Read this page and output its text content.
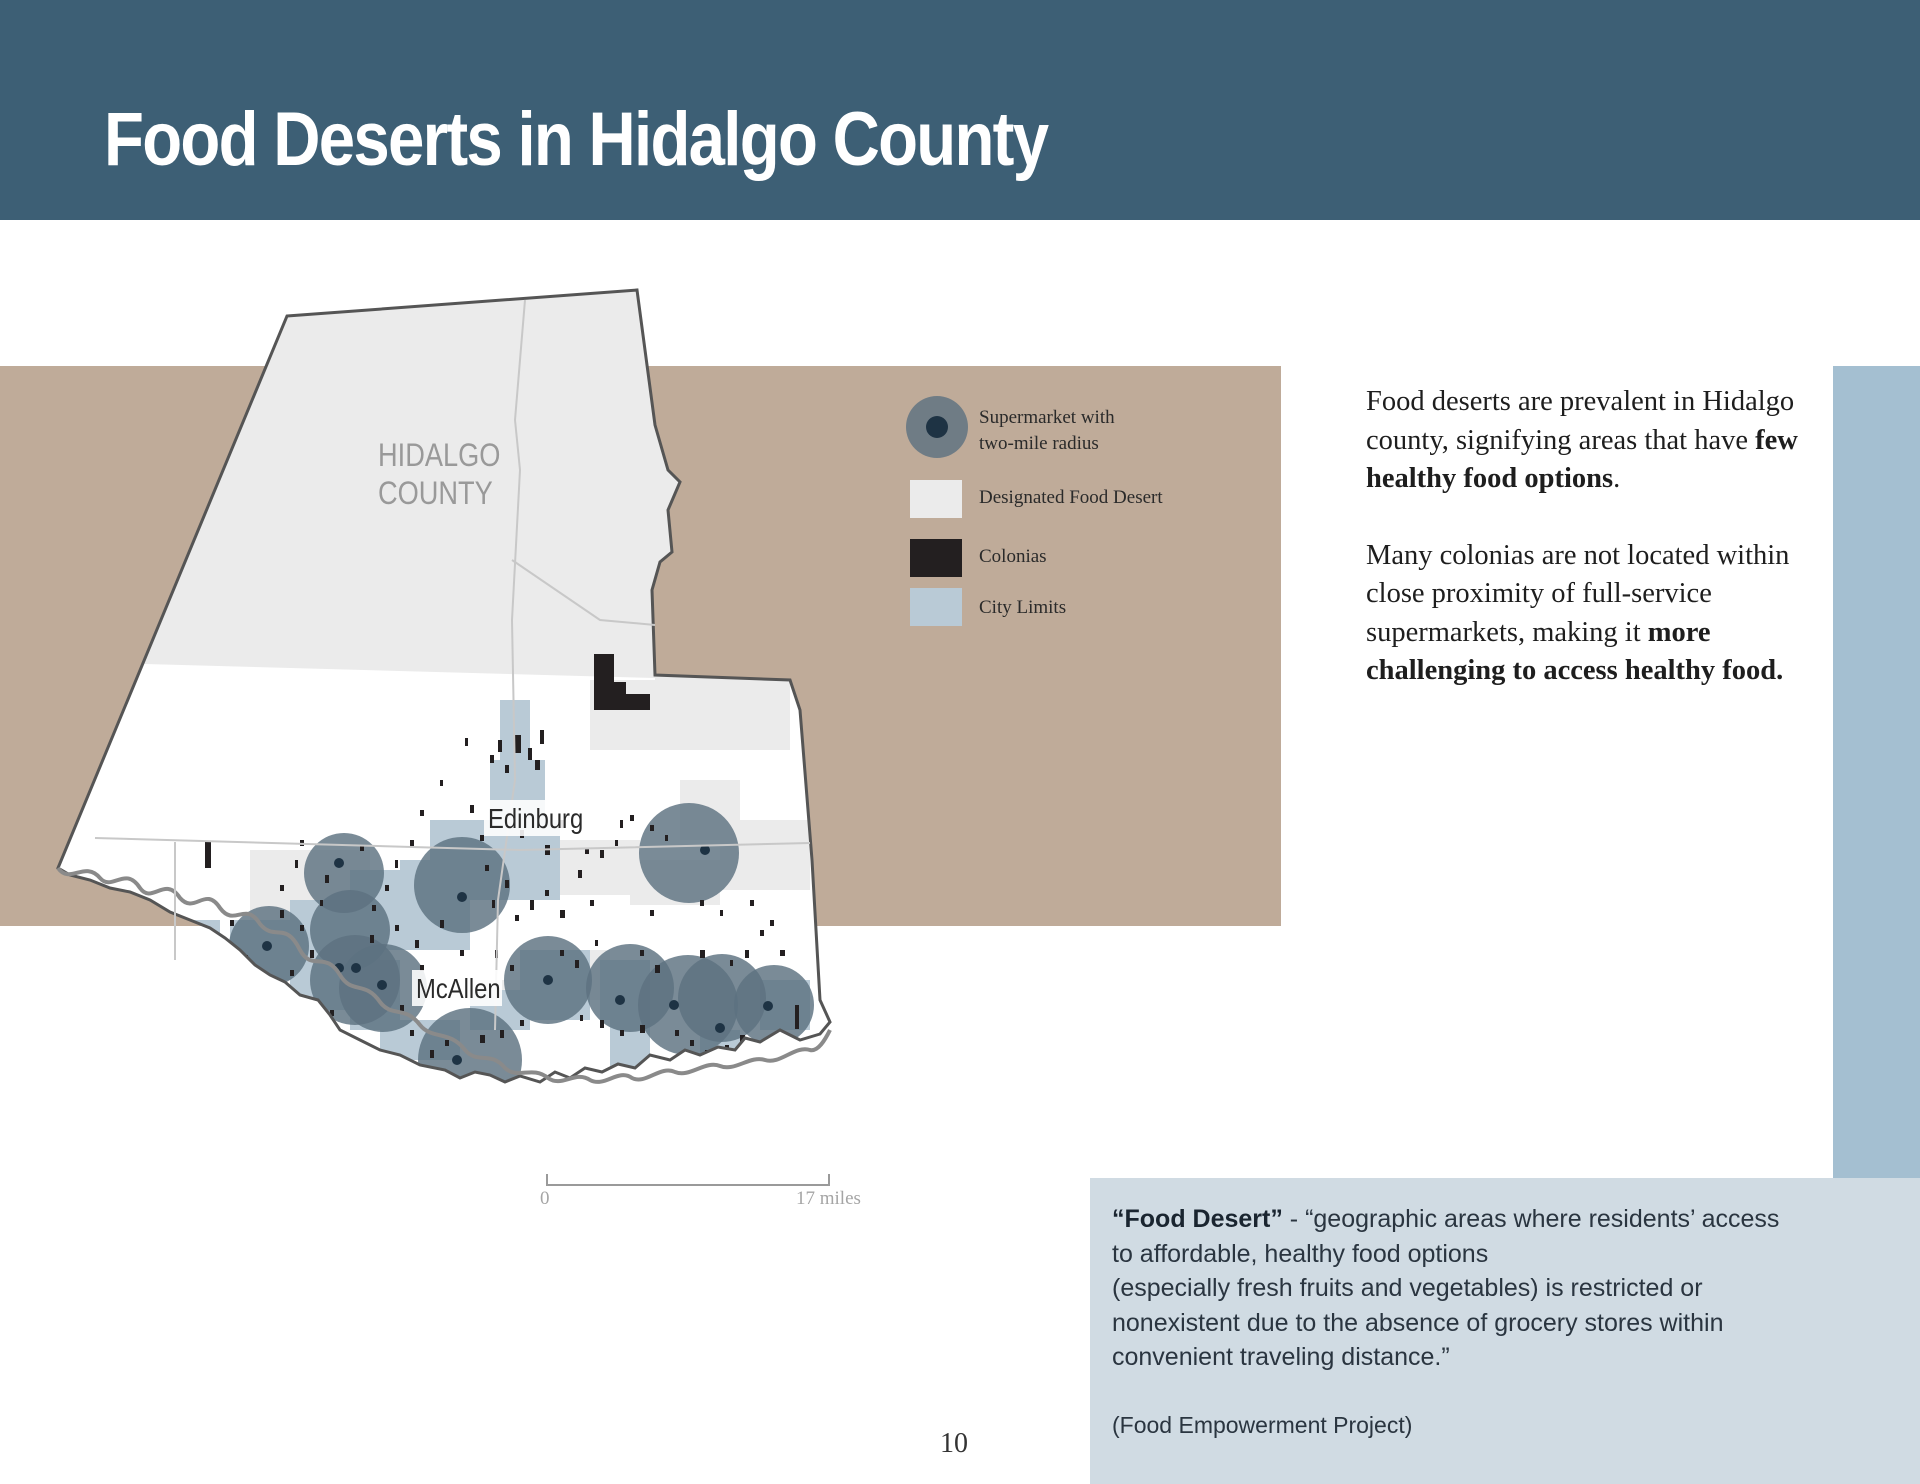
Food Deserts in Hidalgo County
HIDALGO
COUNTY
Edinburg
McAllen
Supermarket with
two-mile radius
Designated Food Desert
Colonias
City Limits
0	17 miles

Food deserts are prevalent in Hidalgo county, signifying areas that have few healthy food options.

Many colonias are not located within close proximity of full-service supermarkets, making it more challenging to access healthy food.

“Food Desert” - “geographic areas where residents’ access to affordable, healthy food options
(especially fresh fruits and vegetables) is restricted or nonexistent due to the absence of grocery stores within convenient traveling distance.”
(Food Empowerment Project)
10
